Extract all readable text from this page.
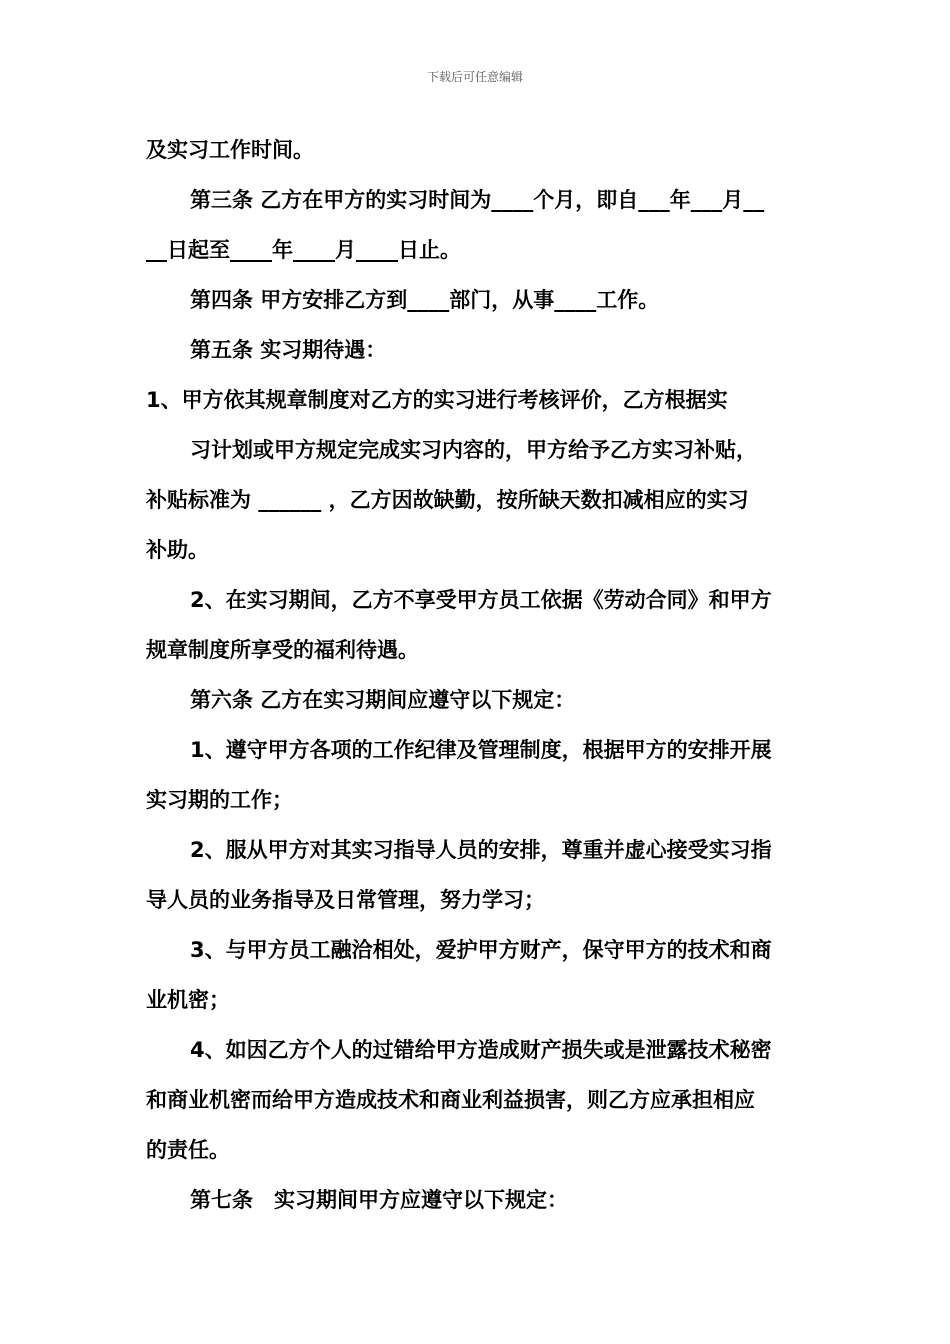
下载后可任意编辑
及实习工作时间。
第三条 乙方在甲方的实习时间为____个月，即自___年___月__
__日起至____年____月____日止。
第四条 甲方安排乙方到____部门，从事____工作。
第五条 实习期待遇：
1、甲方依其规章制度对乙方的实习进行考核评价，乙方根据实
习计划或甲方规定完成实习内容的，甲方给予乙方实习补贴，
补贴标准为 ______ ，乙方因故缺勤，按所缺天数扣减相应的实习
补助。
2、在实习期间，乙方不享受甲方员工依据《劳动合同》和甲方
规章制度所享受的福利待遇。
第六条 乙方在实习期间应遵守以下规定：
1、遵守甲方各项的工作纪律及管理制度，根据甲方的安排开展
实习期的工作；
2、服从甲方对其实习指导人员的安排，尊重并虚心接受实习指
导人员的业务指导及日常管理，努力学习；
3、与甲方员工融洽相处，爱护甲方财产，保守甲方的技术和商
业机密；
4、如因乙方个人的过错给甲方造成财产损失或是泄露技术秘密
和商业机密而给甲方造成技术和商业利益损害，则乙方应承担相应
的责任。
第七条　实习期间甲方应遵守以下规定：
